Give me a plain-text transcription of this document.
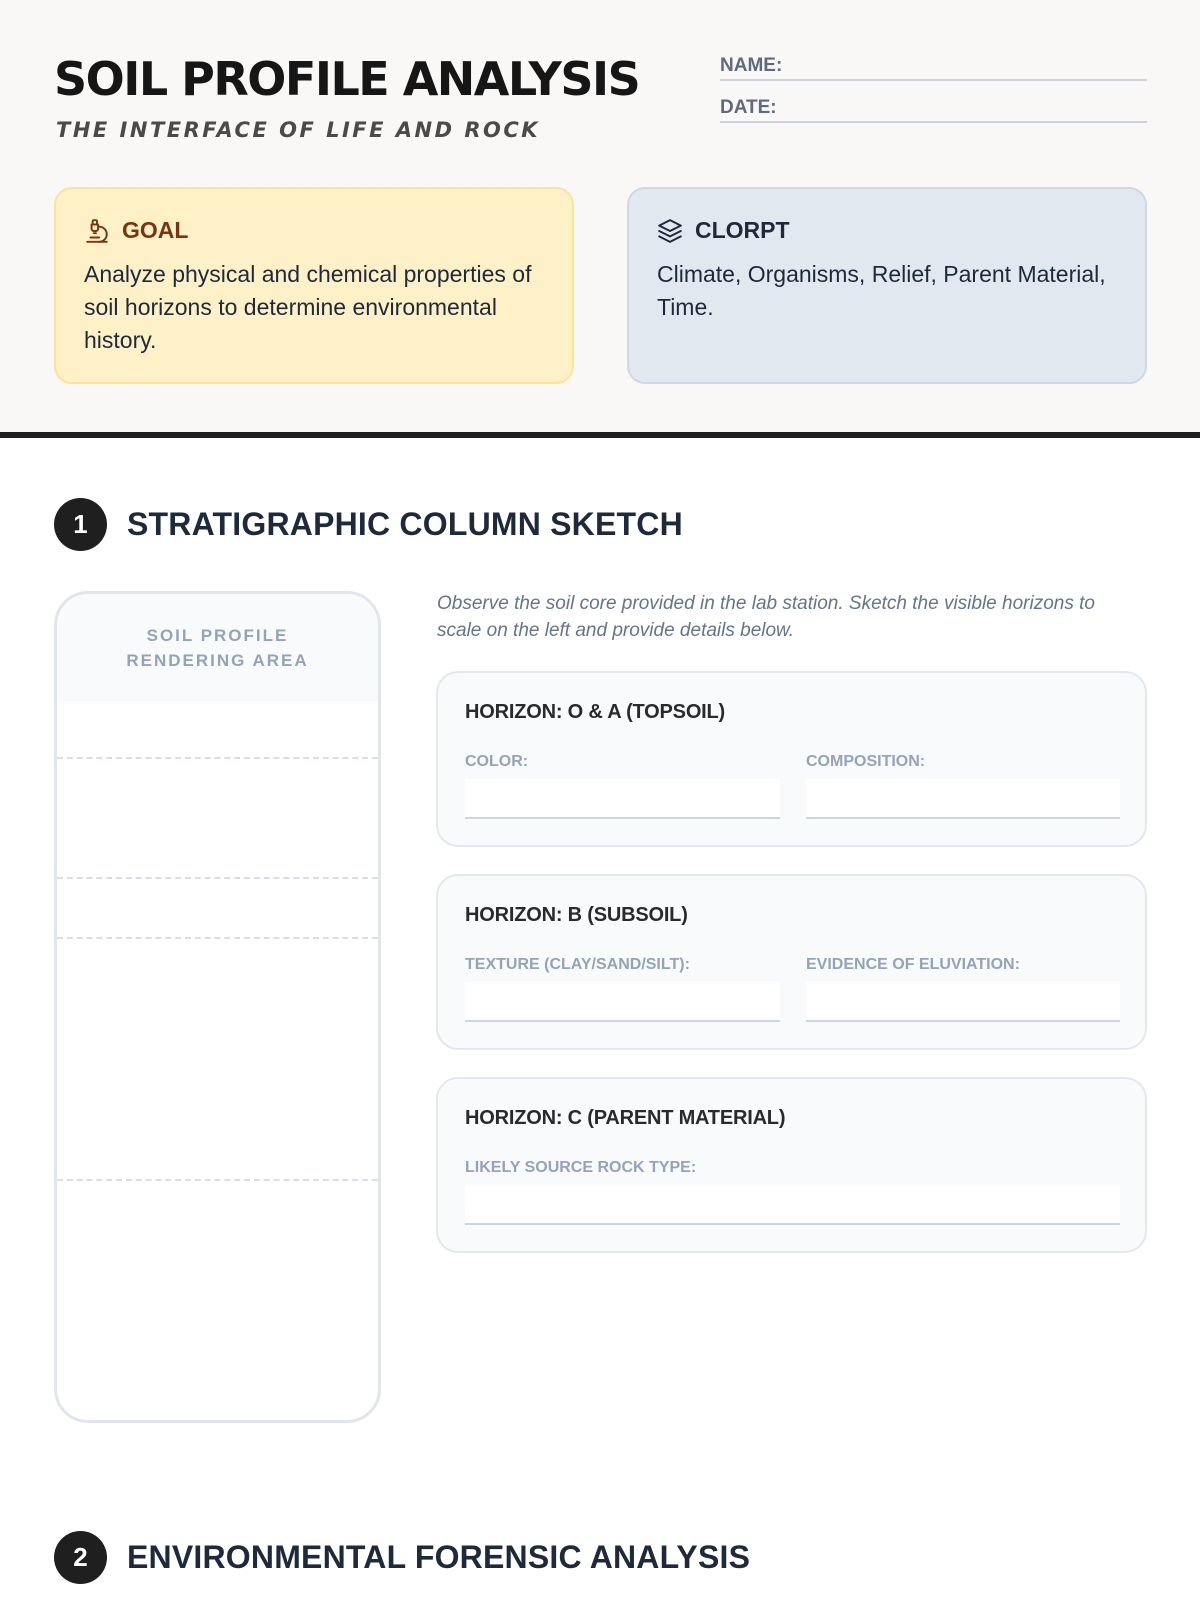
SOIL PROFILE ANALYSIS
THE INTERFACE OF LIFE AND ROCK
NAME:
DATE:
GOAL

Analyze physical and chemical properties of soil horizons to determine environmental history.

CLORPT

Climate, Organisms, Relief, Parent Material, Time.

1	STRATIGRAPHIC COLUMN SKETCH
SOIL PROFILE RENDERING AREA

Observe the soil core provided in the lab station. Sketch the visible horizons to scale on the left and provide details below.

HORIZON: O & A (TOPSOIL)
COLOR:	COMPOSITION:
HORIZON: B (SUBSOIL)
TEXTURE (CLAY/SAND/SILT):	EVIDENCE OF ELUVIATION:
HORIZON: C (PARENT MATERIAL)
LIKELY SOURCE ROCK TYPE:
2	ENVIRONMENTAL FORENSIC ANALYSIS
